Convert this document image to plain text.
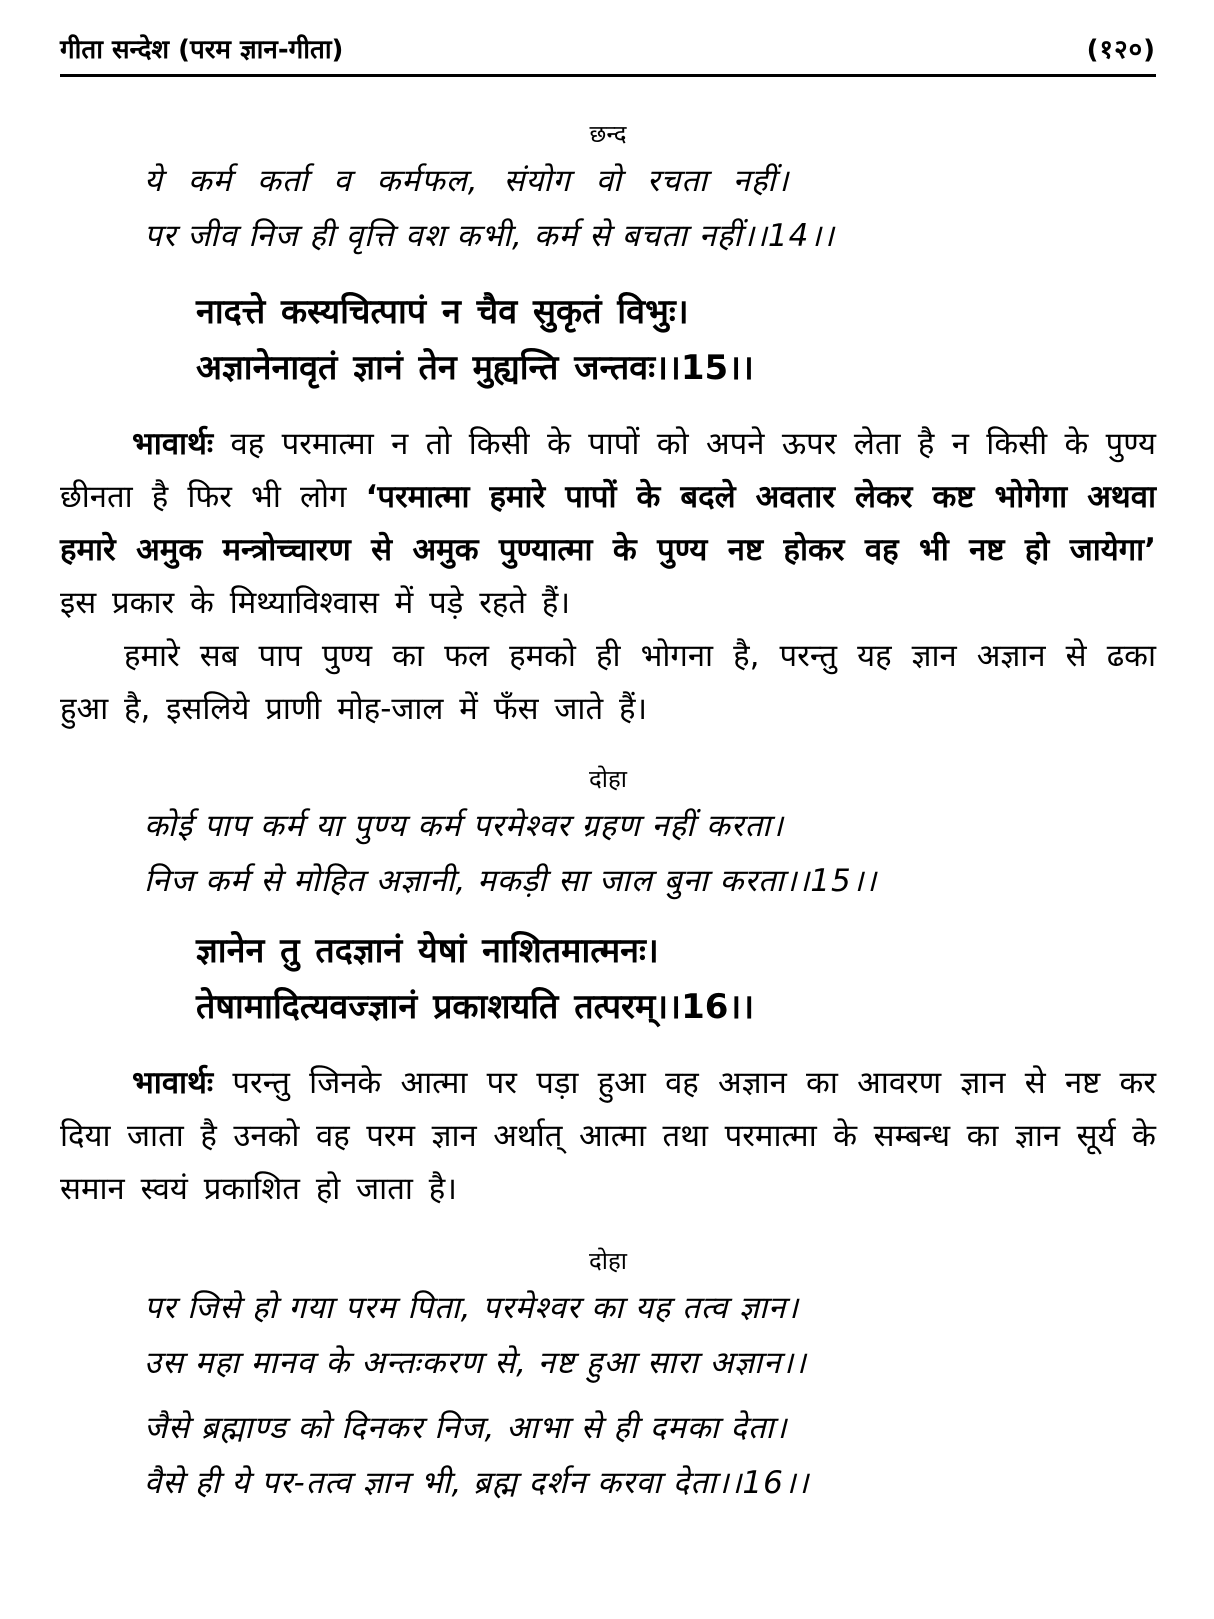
गीता सन्देश (परम ज्ञान-गीता)	(१२०)
छन्द
ये कर्म कर्ता व कर्मफल, संयोग वो रचता नहीं।
पर जीव निज ही वृत्ति वश कभी, कर्म से बचता नहीं।।14।।
नादत्ते कस्यचित्पापं न चैव सुकृतं विभुः।
अज्ञानेनावृतं ज्ञानं तेन मुह्यन्ति जन्तवः।।15।।
भावार्थः वह परमात्मा न तो किसी के पापों को अपने ऊपर लेता है न किसी के पुण्य छीनता है फिर भी लोग ‘परमात्मा हमारे पापों के बदले अवतार लेकर कष्ट भोगेगा अथवा हमारे अमुक मन्त्रोच्चारण से अमुक पुण्यात्मा के पुण्य नष्ट होकर वह भी नष्ट हो जायेगा’ इस प्रकार के मिथ्याविश्वास में पड़े रहते हैं।
हमारे सब पाप पुण्य का फल हमको ही भोगना है, परन्तु यह ज्ञान अज्ञान से ढका हुआ है, इसलिये प्राणी मोह-जाल में फँस जाते हैं।
दोहा
कोई पाप कर्म या पुण्य कर्म परमेश्वर ग्रहण नहीं करता।
निज कर्म से मोहित अज्ञानी, मकड़ी सा जाल बुना करता।।15।।
ज्ञानेन तु तदज्ञानं येषां नाशितमात्मनः।
तेषामादित्यवज्ज्ञानं प्रकाशयति तत्परम्।।16।।
भावार्थः परन्तु जिनके आत्मा पर पड़ा हुआ वह अज्ञान का आवरण ज्ञान से नष्ट कर दिया जाता है उनको वह परम ज्ञान अर्थात् आत्मा तथा परमात्मा के सम्बन्ध का ज्ञान सूर्य के समान स्वयं प्रकाशित हो जाता है।
दोहा
पर जिसे हो गया परम पिता, परमेश्वर का यह तत्व ज्ञान।
उस महा मानव के अन्तःकरण से, नष्ट हुआ सारा अज्ञान।।
जैसे ब्रह्माण्ड को दिनकर निज, आभा से ही दमका देता।
वैसे ही ये पर-तत्व ज्ञान भी, ब्रह्म दर्शन करवा देता।।16।।
